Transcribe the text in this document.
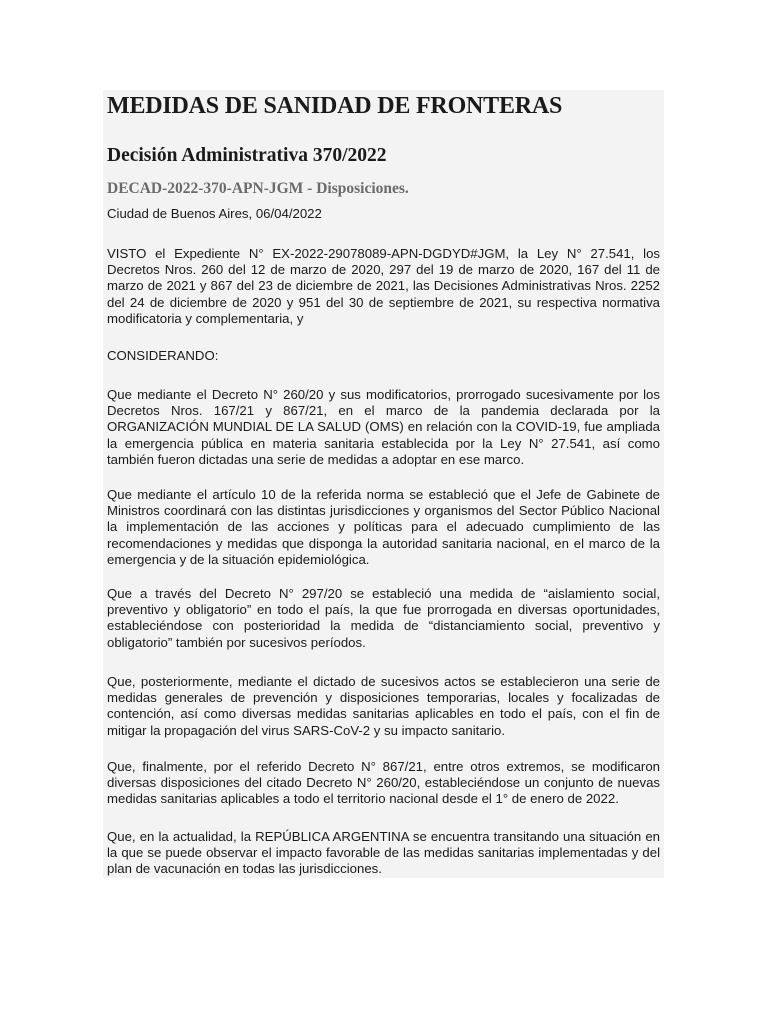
MEDIDAS DE SANIDAD DE FRONTERAS
Decisión Administrativa 370/2022

DECAD-2022-370-APN-JGM - Disposiciones.

Ciudad de Buenos Aires, 06/04/2022

VISTO el Expediente N° EX-2022-29078089-APN-DGDYD#JGM, la Ley N° 27.541, los Decretos Nros. 260 del 12 de marzo de 2020, 297 del 19 de marzo de 2020, 167 del 11 de marzo de 2021 y 867 del 23 de diciembre de 2021, las Decisiones Administrativas Nros. 2252 del 24 de diciembre de 2020 y 951 del 30 de septiembre de 2021, su respectiva normativa modificatoria y complementaria, y

CONSIDERANDO:

Que mediante el Decreto N° 260/20 y sus modificatorios, prorrogado sucesivamente por los Decretos Nros. 167/21 y 867/21, en el marco de la pandemia declarada por la ORGANIZACIÓN MUNDIAL DE LA SALUD (OMS) en relación con la COVID-19, fue ampliada la emergencia pública en materia sanitaria establecida por la Ley N° 27.541, así como también fueron dictadas una serie de medidas a adoptar en ese marco.

Que mediante el artículo 10 de la referida norma se estableció que el Jefe de Gabinete de Ministros coordinará con las distintas jurisdicciones y organismos del Sector Público Nacional la implementación de las acciones y políticas para el adecuado cumplimiento de las recomendaciones y medidas que disponga la autoridad sanitaria nacional, en el marco de la emergencia y de la situación epidemiológica.

Que a través del Decreto N° 297/20 se estableció una medida de “aislamiento social, preventivo y obligatorio” en todo el país, la que fue prorrogada en diversas oportunidades, estableciéndose con posterioridad la medida de “distanciamiento social, preventivo y obligatorio” también por sucesivos períodos.

Que, posteriormente, mediante el dictado de sucesivos actos se establecieron una serie de medidas generales de prevención y disposiciones temporarias, locales y focalizadas de contención, así como diversas medidas sanitarias aplicables en todo el país, con el fin de mitigar la propagación del virus SARS-CoV-2 y su impacto sanitario.

Que, finalmente, por el referido Decreto N° 867/21, entre otros extremos, se modificaron diversas disposiciones del citado Decreto N° 260/20, estableciéndose un conjunto de nuevas medidas sanitarias aplicables a todo el territorio nacional desde el 1° de enero de 2022.

Que, en la actualidad, la REPÚBLICA ARGENTINA se encuentra transitando una situación en la que se puede observar el impacto favorable de las medidas sanitarias implementadas y del plan de vacunación en todas las jurisdicciones.
